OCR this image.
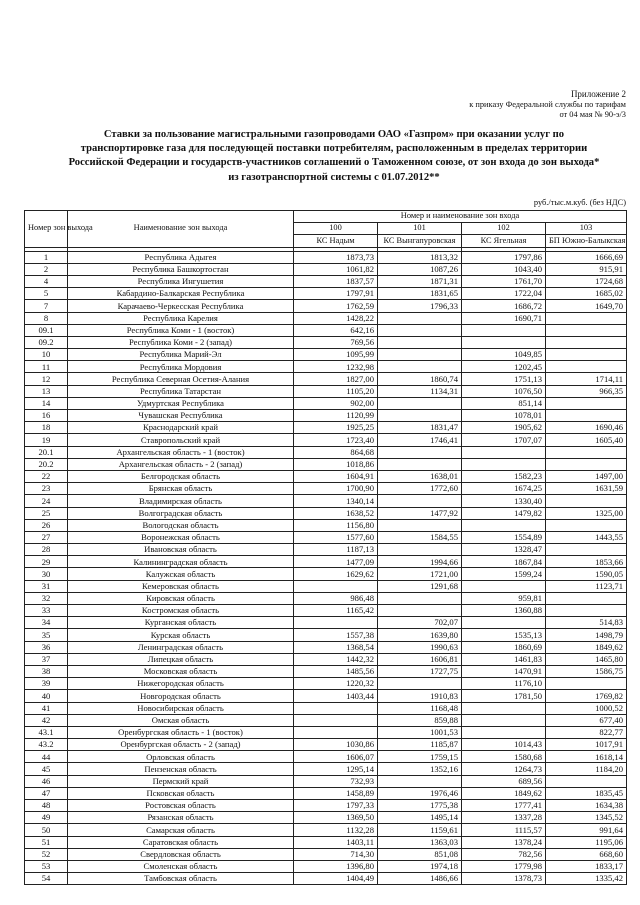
Приложение 2
к приказу Федеральной службы по тарифам
от 04 мая № 90-э/3
Ставки за пользование магистральными газопроводами ОАО «Газпром» при оказании услуг по
транспортировке газа для последующей поставки потребителям, расположенным в пределах территории
Российской Федерации и государств-участников соглашений о Таможенном союзе, от зон входа до зон выхода*
из газотранспортной системы с 01.07.2012**
руб./тыс.м.куб. (без НДС)
Номер зон выхода	Наименование зон выхода	Номер и наименование зон входа			
		100	101	102	103
		КС Надым	КС Вынгапуровская	КС Ягельная	БП Южно-Балыкская

1	Республика Адыгея	1873,73	1813,32	1797,86	1666,69
2	Республика Башкортостан	1061,82	1087,26	1043,40	915,91
4	Республика Ингушетия	1837,57	1871,31	1761,70	1724,68
5	Кабардино-Балкарская Республика	1797,91	1831,65	1722,04	1685,02
7	Карачаево-Черкесская Республика	1762,59	1796,33	1686,72	1649,70
8	Республика Карелия	1428,22		1690,71	
09.1	Республика Коми - 1 (восток)	642,16			
09.2	Республика Коми - 2 (запад)	769,56			
10	Республика Марий-Эл	1095,99		1049,85	
11	Республика Мордовия	1232,98		1202,45	
12	Республика Северная Осетия-Алания	1827,00	1860,74	1751,13	1714,11
13	Республика Татарстан	1105,20	1134,31	1076,50	966,35
14	Удмуртская Республика	902,00		851,14	
16	Чувашская Республика	1120,99		1078,01	
18	Краснодарский край	1925,25	1831,47	1905,62	1690,46
19	Ставропольский край	1723,40	1746,41	1707,07	1605,40
20.1	Архангельская область - 1 (восток)	864,68			
20.2	Архангельская область - 2 (запад)	1018,86			
22	Белгородская область	1604,91	1638,01	1582,23	1497,00
23	Брянская область	1700,90	1772,60	1674,25	1631,59
24	Владимирская область	1340,14		1330,40	
25	Волгоградская область	1638,52	1477,92	1479,82	1325,00
26	Вологодская область	1156,80			
27	Воронежская область	1577,60	1584,55	1554,89	1443,55
28	Ивановская область	1187,13		1328,47	
29	Калининградская область	1477,09	1994,66	1867,84	1853,66
30	Калужская область	1629,62	1721,00	1599,24	1590,05
31	Кемеровская область		1291,68		1123,71
32	Кировская область	986,48		959,81	
33	Костромская область	1165,42		1360,88	
34	Курганская область		702,07		514,83
35	Курская область	1557,38	1639,80	1535,13	1498,79
36	Ленинградская область	1368,54	1990,63	1860,69	1849,62
37	Липецкая область	1442,32	1606,81	1461,83	1465,80
38	Московская область	1485,56	1727,75	1470,91	1586,75
39	Нижегородская область	1220,32		1176,10	
40	Новгородская область	1403,44	1910,83	1781,50	1769,82
41	Новосибирская область		1168,48		1000,52
42	Омская область		859,88		677,40
43.1	Оренбургская область - 1 (восток)		1001,53		822,77
43.2	Оренбургская область - 2 (запад)	1030,86	1185,87	1014,43	1017,91
44	Орловская область	1606,07	1759,15	1580,68	1618,14
45	Пензенская область	1295,14	1352,16	1264,73	1184,20
46	Пермский край	732,93		689,56	
47	Псковская область	1458,89	1976,46	1849,62	1835,45
48	Ростовская область	1797,33	1775,38	1777,41	1634,38
49	Рязанская область	1369,50	1495,14	1337,28	1345,52
50	Самарская область	1132,28	1159,61	1115,57	991,64
51	Саратовская область	1403,11	1363,03	1378,24	1195,06
52	Свердловская область	714,30	851,08	782,56	668,60
53	Смоленская область	1396,80	1974,18	1779,98	1833,17
54	Тамбовская область	1404,49	1486,66	1378,73	1335,42
